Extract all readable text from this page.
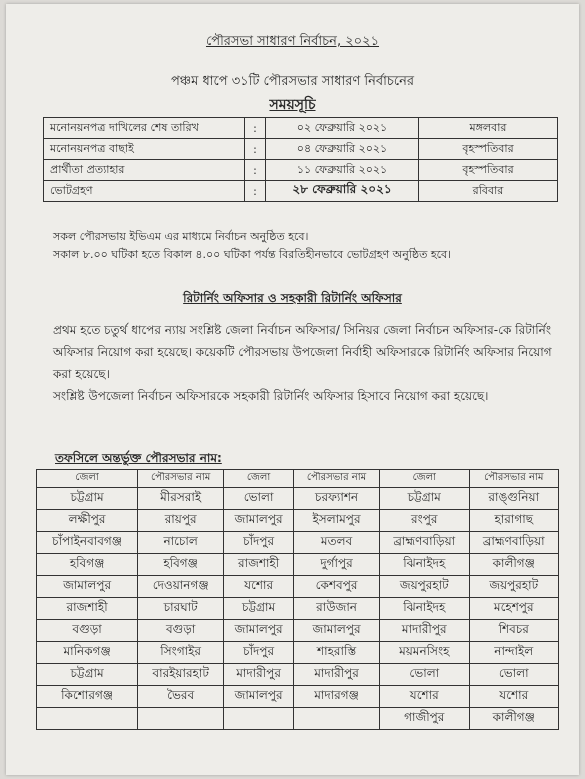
পৌরসভা সাধারণ নির্বাচন, ২০২১
পঞ্চম ধাপে ৩১টি পৌরসভার সাধারণ নির্বাচনের
সময়সূচি
মনোনয়নপত্র দাখিলের শেষ তারিখ	:	০২ ফেব্রুয়ারি ২০২১	মঙ্গলবার
মনোনয়নপত্র বাছাই	:	০৪ ফেব্রুয়ারি ২০২১	বৃহস্পতিবার
প্রার্থীতা প্রত্যাহার	:	১১ ফেব্রুয়ারি ২০২১	বৃহস্পতিবার
ভোটগ্রহণ	:	২৮ ফেব্রুয়ারি ২০২১	রবিবার
সকল পৌরসভায় ইভিএম এর মাধ্যমে নির্বাচন অনুষ্ঠিত হবে।
সকাল ৮.০০ ঘটিকা হতে বিকাল ৪.০০ ঘটিকা পর্যন্ত বিরতিহীনভাবে ভোটগ্রহণ অনুষ্ঠিত হবে।
রিটার্নিং অফিসার ও সহকারী রিটার্নিং অফিসার
প্রথম হতে চতুর্থ ধাপের ন্যায় সংশ্লিষ্ট জেলা নির্বাচন অফিসার/ সিনিয়র জেলা নির্বাচন অফিসার-কে রিটার্নিং অফিসার নিয়োগ করা হয়েছে। কয়েকটি পৌরসভায় উপজেলা নির্বাহী অফিসারকে রিটার্নিং অফিসার নিয়োগ করা হয়েছে।
সংশ্লিষ্ট উপজেলা নির্বাচন অফিসারকে সহকারী রিটার্নিং অফিসার হিসাবে নিয়োগ করা হয়েছে।
তফসিলে অন্তর্ভুক্ত পৌরসভার নাম:
জেলা	পৌরসভার নাম	জেলা	পৌরসভার নাম	জেলা	পৌরসভার নাম
চট্টগ্রাম	মীরসরাই	ভোলা	চরফ্যাশন	চট্টগ্রাম	রাঙ্গুনিয়া
লক্ষীপুর	রায়পুর	জামালপুর	ইসলামপুর	রংপুর	হারাগাছ
চাঁপাইনবাবগঞ্জ	নাচোল	চাঁদপুর	মতলব	ব্রাহ্মণবাড়িয়া	ব্রাহ্মণবাড়িয়া
হবিগঞ্জ	হবিগঞ্জ	রাজশাহী	দুর্গাপুর	ঝিনাইদহ	কালীগঞ্জ
জামালপুর	দেওয়ানগঞ্জ	যশোর	কেশবপুর	জয়পুরহাট	জয়পুরহাট
রাজশাহী	চারঘাট	চট্টগ্রাম	রাউজান	ঝিনাইদহ	মহেশপুর
বগুড়া	বগুড়া	জামালপুর	জামালপুর	মাদারীপুর	শিবচর
মানিকগঞ্জ	সিংগাইর	চাঁদপুর	শাহরাস্তি	ময়মনসিংহ	নান্দাইল
চট্টগ্রাম	বারইয়ারহাট	মাদারীপুর	মাদারীপুর	ভোলা	ভোলা
কিশোরগঞ্জ	ভৈরব	জামালপুর	মাদারগঞ্জ	যশোর	যশোর
				গাজীপুর	কালীগঞ্জ
